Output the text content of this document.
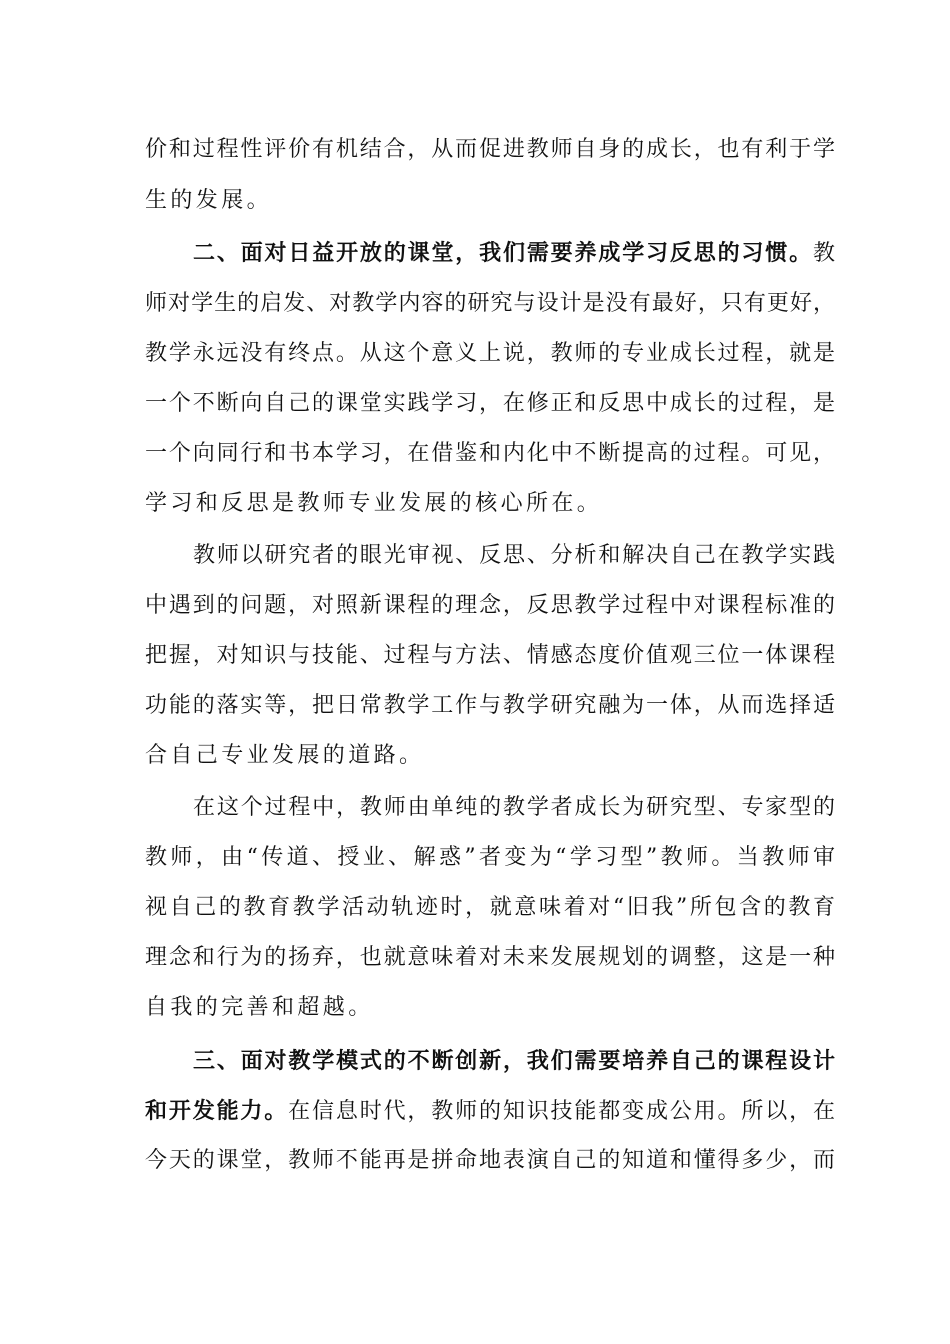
价和过程性评价有机结合，从而促进教师自身的成长，也有利于学
生的发展。
二、面对日益开放的课堂，我们需要养成学习反思的习惯。教
师对学生的启发、对教学内容的研究与设计是没有最好，只有更好，
教学永远没有终点。从这个意义上说，教师的专业成长过程，就是
一个不断向自己的课堂实践学习，在修正和反思中成长的过程，是
一个向同行和书本学习，在借鉴和内化中不断提高的过程。可见，
学习和反思是教师专业发展的核心所在。
教师以研究者的眼光审视、反思、分析和解决自己在教学实践
中遇到的问题，对照新课程的理念，反思教学过程中对课程标准的
把握，对知识与技能、过程与方法、情感态度价值观三位一体课程
功能的落实等，把日常教学工作与教学研究融为一体，从而选择适
合自己专业发展的道路。
在这个过程中，教师由单纯的教学者成长为研究型、专家型的
教师，由“传道、授业、解惑”者变为“学习型”教师。当教师审
视自己的教育教学活动轨迹时，就意味着对“旧我”所包含的教育
理念和行为的扬弃，也就意味着对未来发展规划的调整，这是一种
自我的完善和超越。
三、面对教学模式的不断创新，我们需要培养自己的课程设计
和开发能力。在信息时代，教师的知识技能都变成公用。所以，在
今天的课堂，教师不能再是拼命地表演自己的知道和懂得多少，而
